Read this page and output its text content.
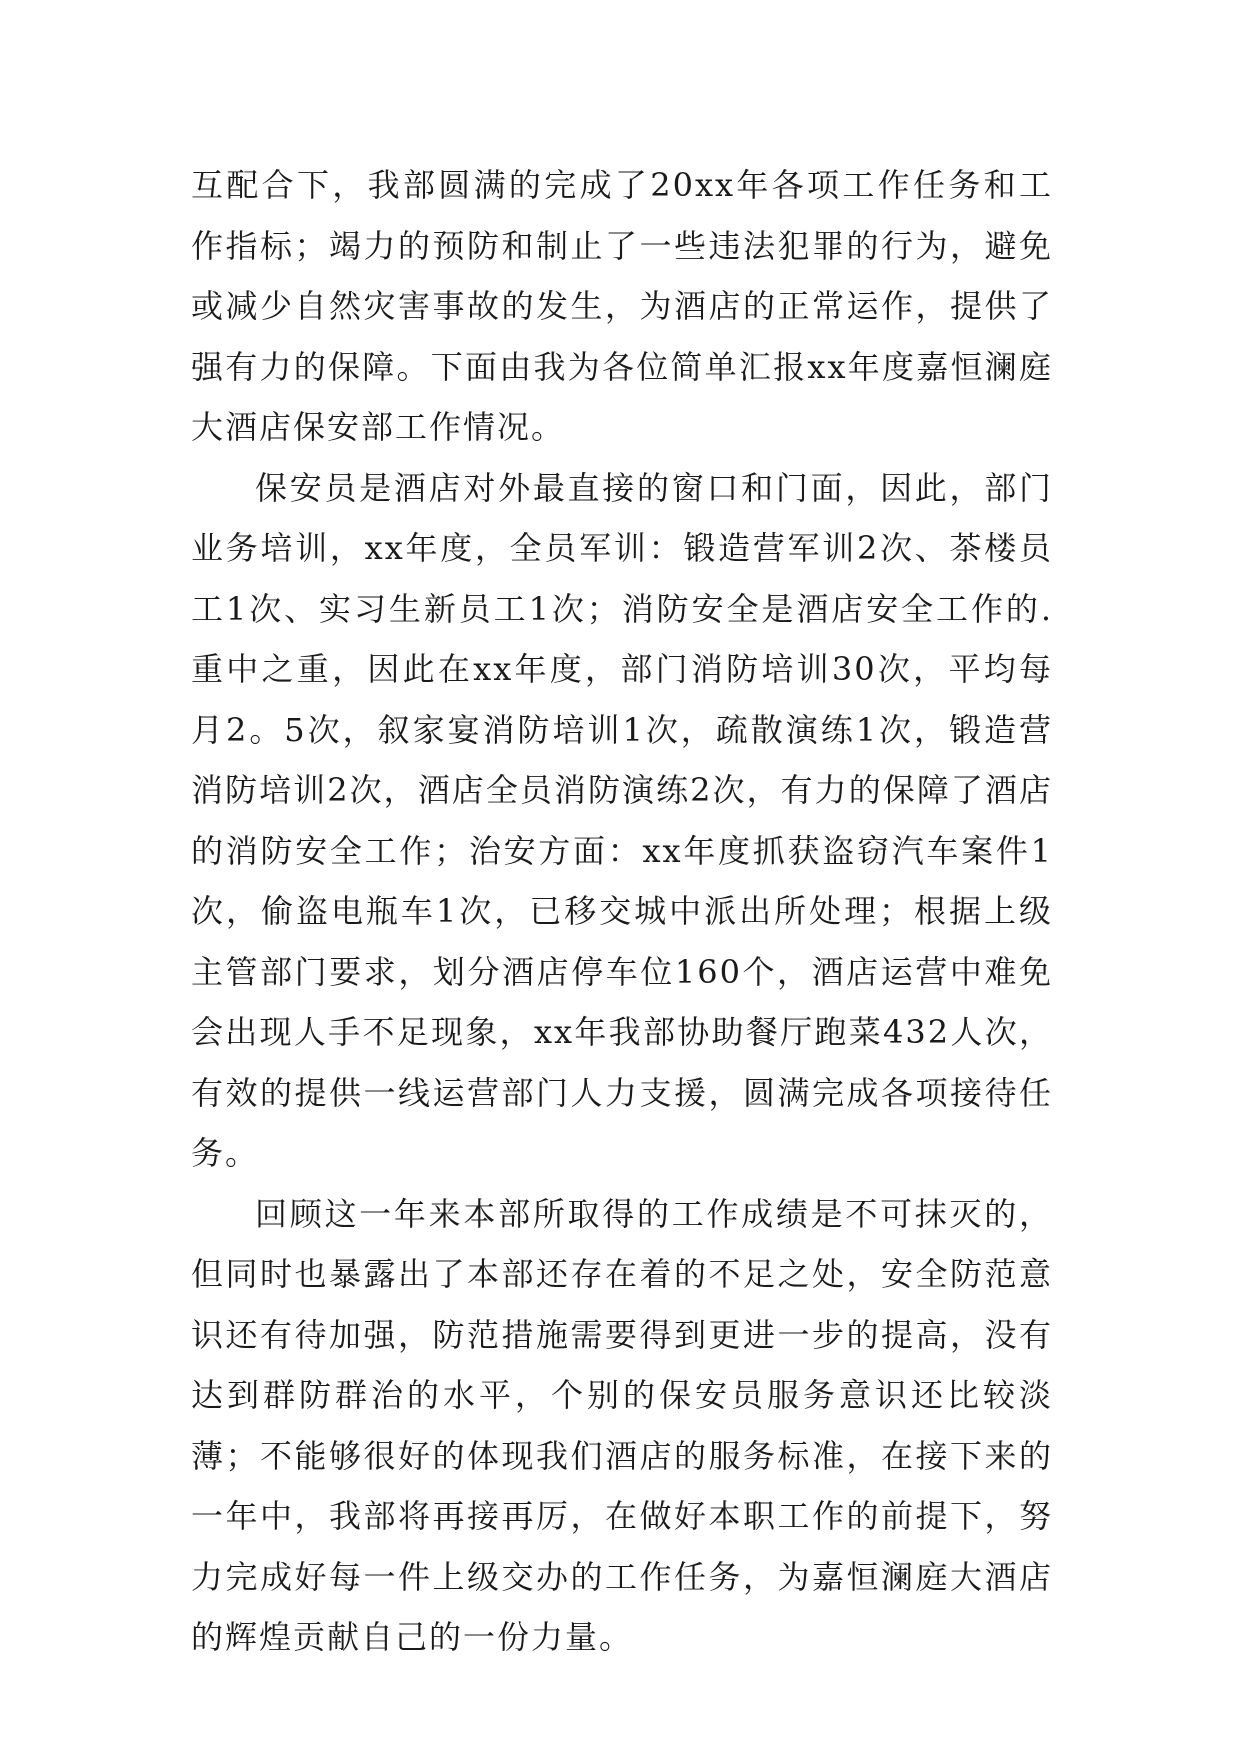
互配合下，我部圆满的完成了20xx年各项工作任务和工作指标；竭力的预防和制止了一些违法犯罪的行为，避免或减少自然灾害事故的发生，为酒店的正常运作，提供了强有力的保障。下面由我为各位简单汇报xx年度嘉恒澜庭大酒店保安部工作情况。

保安员是酒店对外最直接的窗口和门面，因此，部门业务培训，xx年度，全员军训：锻造营军训2次、茶楼员工1次、实习生新员工1次；消防安全是酒店安全工作的.重中之重，因此在xx年度，部门消防培训30次，平均每月2。5次，叙家宴消防培训1次，疏散演练1次，锻造营消防培训2次，酒店全员消防演练2次，有力的保障了酒店的消防安全工作；治安方面：xx年度抓获盗窃汽车案件1次，偷盗电瓶车1次，已移交城中派出所处理；根据上级主管部门要求，划分酒店停车位160个，酒店运营中难免会出现人手不足现象，xx年我部协助餐厅跑菜432人次，有效的提供一线运营部门人力支援，圆满完成各项接待任务。

回顾这一年来本部所取得的工作成绩是不可抹灭的，但同时也暴露出了本部还存在着的不足之处，安全防范意识还有待加强，防范措施需要得到更进一步的提高，没有达到群防群治的水平，个别的保安员服务意识还比较淡薄；不能够很好的体现我们酒店的服务标准，在接下来的一年中，我部将再接再厉，在做好本职工作的前提下，努力完成好每一件上级交办的工作任务，为嘉恒澜庭大酒店的辉煌贡献自己的一份力量。
